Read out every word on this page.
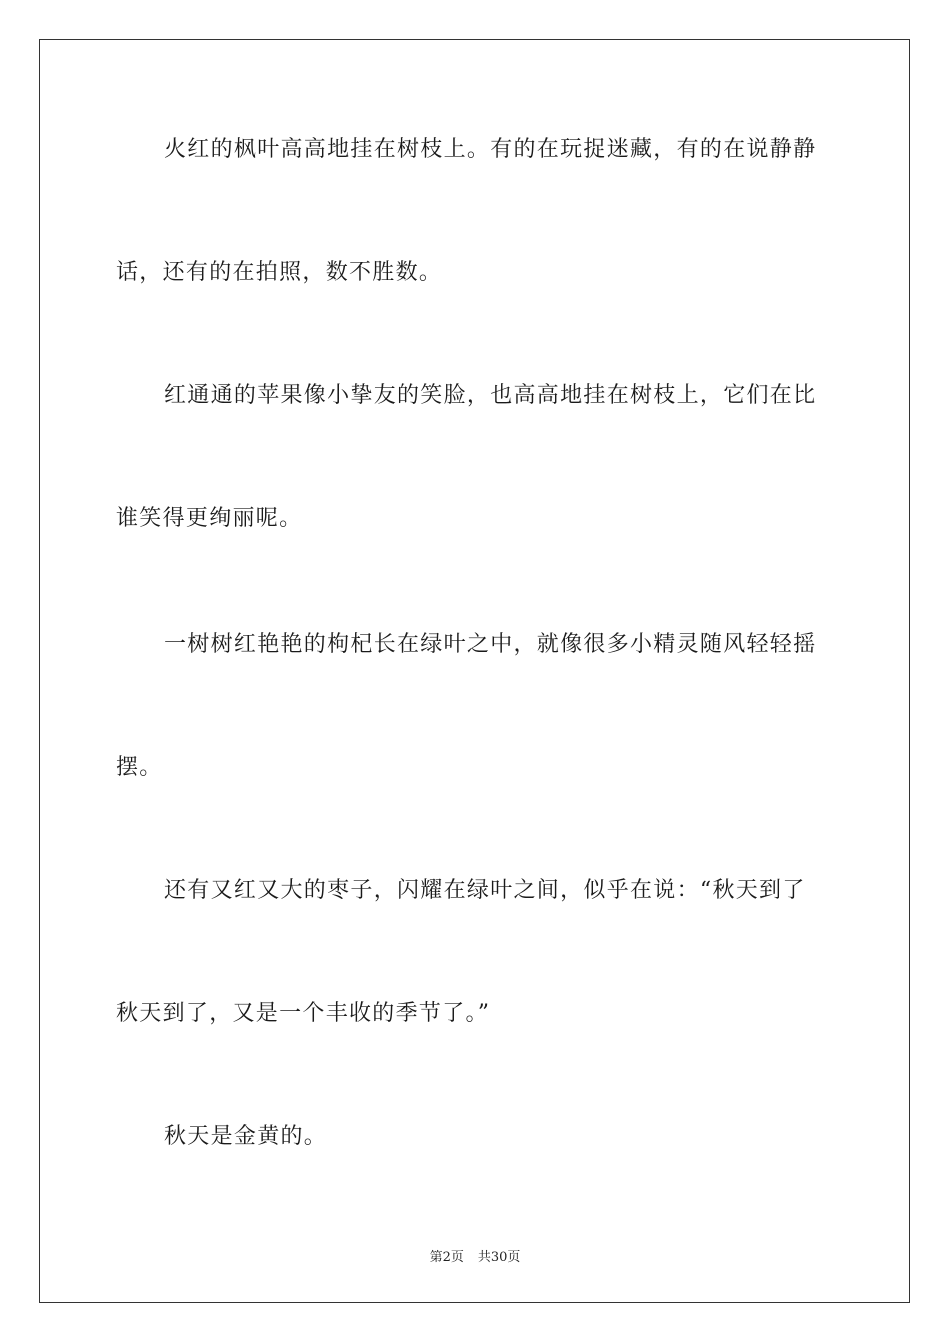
火红的枫叶高高地挂在树枝上。有的在玩捉迷藏，有的在说静静
话，还有的在拍照，数不胜数。
红通通的苹果像小挚友的笑脸，也高高地挂在树枝上，它们在比
谁笑得更绚丽呢。
一树树红艳艳的枸杞长在绿叶之中，就像很多小精灵随风轻轻摇
摆。
还有又红又大的枣子，闪耀在绿叶之间，似乎在说：“秋天到了
秋天到了，又是一个丰收的季节了。”
秋天是金黄的。
第2页 共30页
